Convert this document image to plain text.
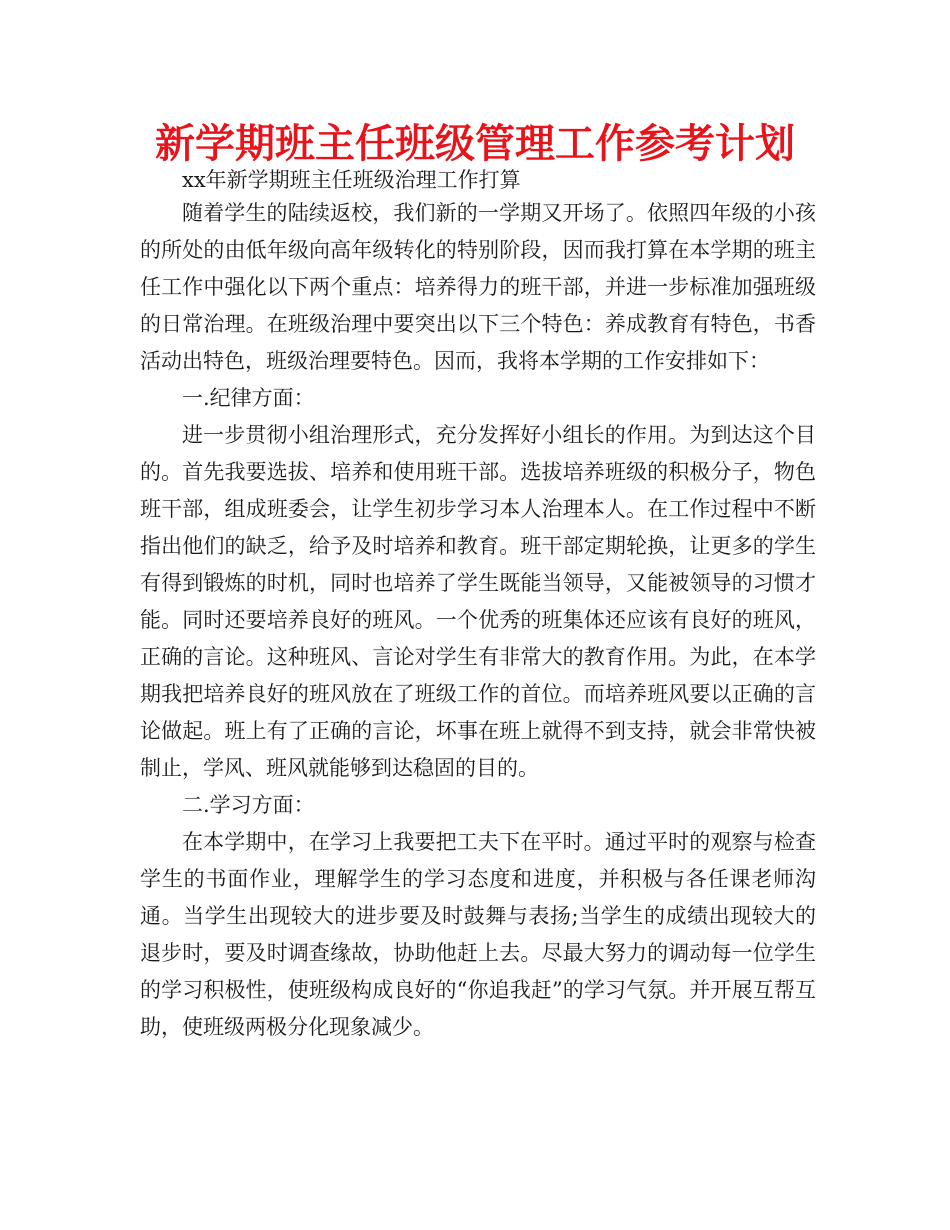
新学期班主任班级管理工作参考计划

xx年新学期班主任班级治理工作打算

随着学生的陆续返校，我们新的一学期又开场了。依照四年级的小孩的所处的由低年级向高年级转化的特别阶段，因而我打算在本学期的班主任工作中强化以下两个重点：培养得力的班干部，并进一步标准加强班级的日常治理。在班级治理中要突出以下三个特色：养成教育有特色，书香活动出特色，班级治理要特色。因而，我将本学期的工作安排如下：

一.纪律方面：

进一步贯彻小组治理形式，充分发挥好小组长的作用。为到达这个目的。首先我要选拔、培养和使用班干部。选拔培养班级的积极分子，物色班干部，组成班委会，让学生初步学习本人治理本人。在工作过程中不断指出他们的缺乏，给予及时培养和教育。班干部定期轮换，让更多的学生有得到锻炼的时机，同时也培养了学生既能当领导，又能被领导的习惯才能。同时还要培养良好的班风。一个优秀的班集体还应该有良好的班风，正确的言论。这种班风、言论对学生有非常大的教育作用。为此，在本学期我把培养良好的班风放在了班级工作的首位。而培养班风要以正确的言论做起。班上有了正确的言论，坏事在班上就得不到支持，就会非常快被制止，学风、班风就能够到达稳固的目的。

二.学习方面：

在本学期中，在学习上我要把工夫下在平时。通过平时的观察与检查学生的书面作业，理解学生的学习态度和进度，并积极与各任课老师沟通。当学生出现较大的进步要及时鼓舞与表扬;当学生的成绩出现较大的退步时，要及时调查缘故，协助他赶上去。尽最大努力的调动每一位学生的学习积极性，使班级构成良好的“你追我赶”的学习气氛。并开展互帮互助，使班级两极分化现象减少。
